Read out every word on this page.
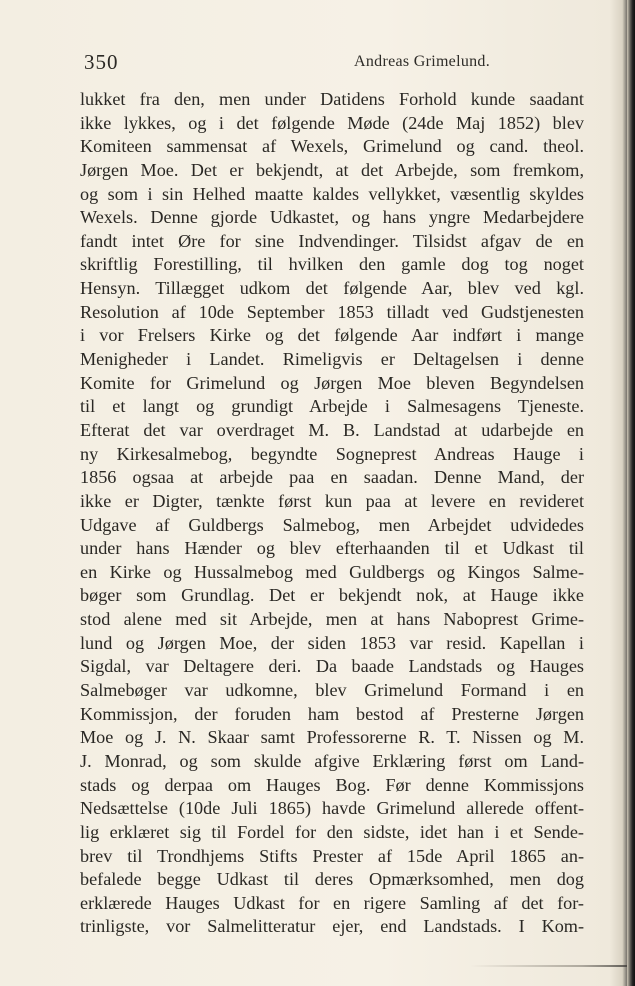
350	Andreas Grimelund.
lukket fra den, men under Datidens Forhold kunde saadant
ikke lykkes, og i det følgende Møde (24de Maj 1852) blev
Komiteen sammensat af Wexels, Grimelund og cand. theol.
Jørgen Moe. Det er bekjendt, at det Arbejde, som fremkom,
og som i sin Helhed maatte kaldes vellykket, væsentlig skyldes
Wexels. Denne gjorde Udkastet, og hans yngre Medarbejdere
fandt intet Øre for sine Indvendinger. Tilsidst afgav de en
skriftlig Forestilling, til hvilken den gamle dog tog noget
Hensyn. Tillægget udkom det følgende Aar, blev ved kgl.
Resolution af 10de September 1853 tilladt ved Gudstjenesten
i vor Frelsers Kirke og det følgende Aar indført i mange
Menigheder i Landet. Rimeligvis er Deltagelsen i denne
Komite for Grimelund og Jørgen Moe bleven Begyndelsen
til et langt og grundigt Arbejde i Salmesagens Tjeneste.
Efterat det var overdraget M. B. Landstad at udarbejde en
ny Kirkesalmebog, begyndte Sogneprest Andreas Hauge i
1856 ogsaa at arbejde paa en saadan. Denne Mand, der
ikke er Digter, tænkte først kun paa at levere en revideret
Udgave af Guldbergs Salmebog, men Arbejdet udvidedes
under hans Hænder og blev efterhaanden til et Udkast til
en Kirke og Hussalmebog med Guldbergs og Kingos Salme-
bøger som Grundlag. Det er bekjendt nok, at Hauge ikke
stod alene med sit Arbejde, men at hans Naboprest Grime-
lund og Jørgen Moe, der siden 1853 var resid. Kapellan i
Sigdal, var Deltagere deri. Da baade Landstads og Hauges
Salmebøger var udkomne, blev Grimelund Formand i en
Kommissjon, der foruden ham bestod af Presterne Jørgen
Moe og J. N. Skaar samt Professorerne R. T. Nissen og M.
J. Monrad, og som skulde afgive Erklæring først om Land-
stads og derpaa om Hauges Bog. Før denne Kommissjons
Nedsættelse (10de Juli 1865) havde Grimelund allerede offent-
lig erklæret sig til Fordel for den sidste, idet han i et Sende-
brev til Trondhjems Stifts Prester af 15de April 1865 an-
befalede begge Udkast til deres Opmærksomhed, men dog
erklærede Hauges Udkast for en rigere Samling af det for-
trinligste, vor Salmelitteratur ejer, end Landstads. I Kom-
